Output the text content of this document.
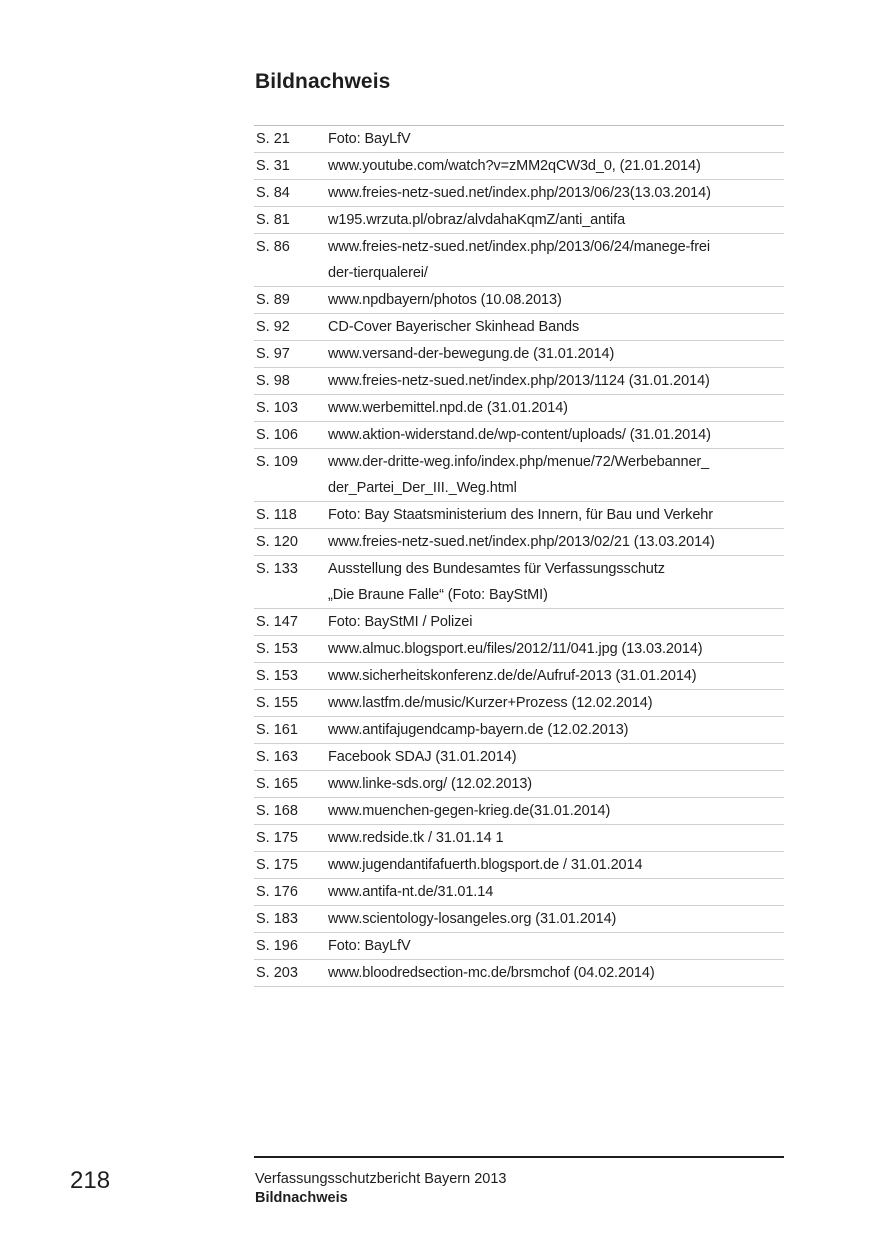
Bildnachweis
S. 21	Foto: BayLfV
S. 31	www.youtube.com/watch?v=zMM2qCW3d_0, (21.01.2014)
S. 84	www.freies-netz-sued.net/index.php/2013/06/23(13.03.2014)
S. 81	w195.wrzuta.pl/obraz/alvdahaKqmZ/anti_antifa
S. 86	www.freies-netz-sued.net/index.php/2013/06/24/manege-frei
der-tierqualerei/
S. 89	www.npdbayern/photos (10.08.2013)
S. 92	CD-Cover Bayerischer Skinhead Bands
S. 97	www.versand-der-bewegung.de (31.01.2014)
S. 98	www.freies-netz-sued.net/index.php/2013/1124 (31.01.2014)
S. 103	www.werbemittel.npd.de (31.01.2014)
S. 106	www.aktion-widerstand.de/wp-content/uploads/ (31.01.2014)
S. 109	www.der-dritte-weg.info/index.php/menue/72/Werbebanner_
der_Partei_Der_III._Weg.html
S. 118	Foto: Bay Staatsministerium des Innern, für Bau und Verkehr
S. 120	www.freies-netz-sued.net/index.php/2013/02/21 (13.03.2014)
S. 133	Ausstellung des Bundesamtes für Verfassungsschutz
„Die Braune Falle“ (Foto: BayStMI)
S. 147	Foto: BayStMI / Polizei
S. 153	www.almuc.blogsport.eu/files/2012/11/041.jpg (13.03.2014)
S. 153	www.sicherheitskonferenz.de/de/Aufruf-2013 (31.01.2014)
S. 155	www.lastfm.de/music/Kurzer+Prozess (12.02.2014)
S. 161	www.antifajugendcamp-bayern.de (12.02.2013)
S. 163	Facebook SDAJ (31.01.2014)
S. 165	www.linke-sds.org/ (12.02.2013)
S. 168	www.muenchen-gegen-krieg.de(31.01.2014)
S. 175	www.redside.tk / 31.01.14 1
S. 175	www.jugendantifafuerth.blogsport.de / 31.01.2014
S. 176	www.antifa-nt.de/31.01.14
S. 183	www.scientology-losangeles.org (31.01.2014)
S. 196	Foto: BayLfV
S. 203	www.bloodredsection-mc.de/brsmchof (04.02.2014)
218	Verfassungsschutzbericht Bayern 2013
Bildnachweis
